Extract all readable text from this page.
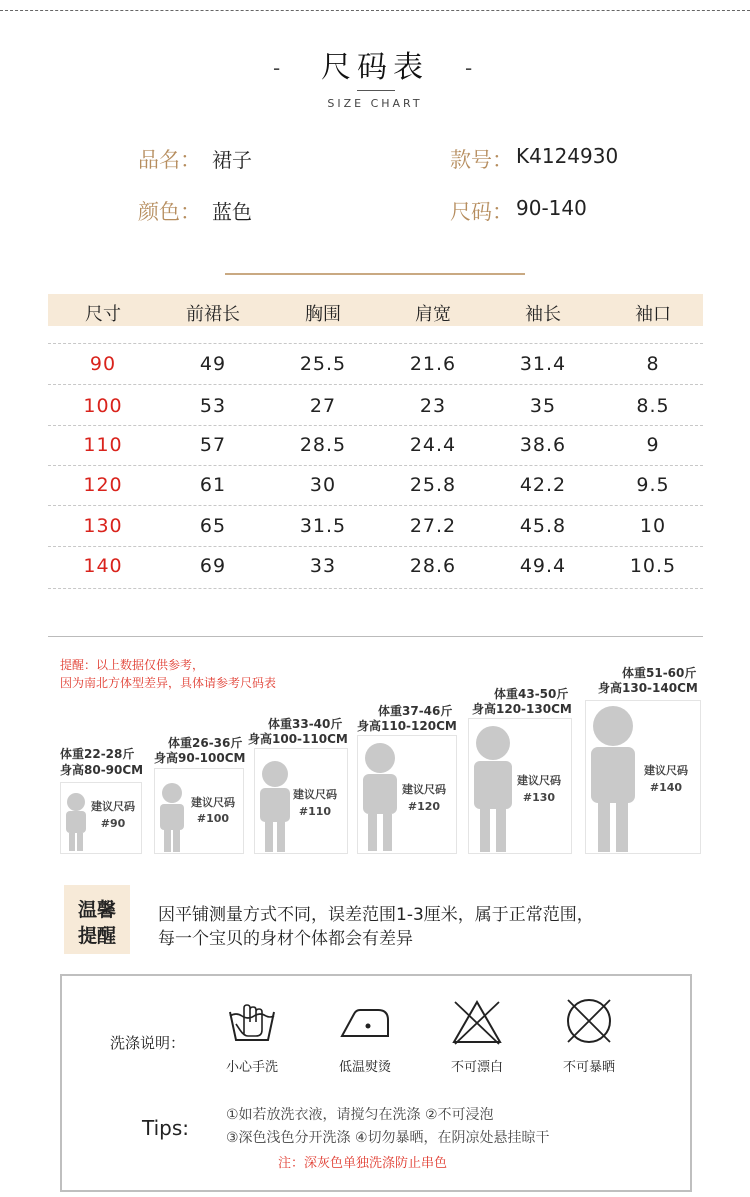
-	尺码表	-
SIZE CHART
品名： 裙子	款号： K4124930
颜色： 蓝色	尺码： 90-140
尺寸	前裙长	胸围	肩宽	袖长	袖口
90	49	25.5	21.6	31.4	8
100	53	27	23	35	8.5
110	57	28.5	24.4	38.6	9
120	61	30	25.8	42.2	9.5
130	65	31.5	27.2	45.8	10
140	69	33	28.6	49.4	10.5
提醒：以上数据仅供参考，
因为南北方体型差异，具体请参考尺码表
体重22-28斤
身高80-90CM
建议尺码
#90
体重26-36斤
身高90-100CM
建议尺码
#100
体重33-40斤
身高100-110CM
建议尺码
#110
体重37-46斤
身高110-120CM
建议尺码
#120
体重43-50斤
身高120-130CM
建议尺码
#130
体重51-60斤
身高130-140CM
建议尺码
#140
温馨
提醒
因平铺测量方式不同，误差范围1-3厘米，属于正常范围，
每一个宝贝的身材个体都会有差异
洗涤说明：
小心手洗	低温熨烫	不可漂白	不可暴晒
Tips:
①如若放洗衣液，请搅匀在洗涤 ②不可浸泡
③深色浅色分开洗涤 ④切勿暴晒，在阴凉处悬挂晾干
注：深灰色单独洗涤防止串色
